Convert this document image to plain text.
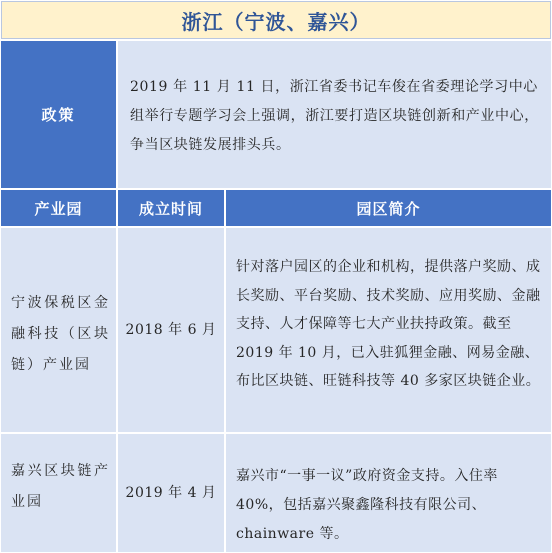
浙江（宁波、嘉兴）
政策
2019 年 11 月 11 日，浙江省委书记车俊在省委理论学习中心组举行专题学习会上强调，浙江要打造区块链创新和产业中心，争当区块链发展排头兵。
产业园	成立时间	园区简介
宁波保税区金融科技（区块链）产业园
2018 年 6 月
针对落户园区的企业和机构，提供落户奖励、成长奖励、平台奖励、技术奖励、应用奖励、金融支持、人才保障等七大产业扶持政策。截至 2019 年 10 月，已入驻狐狸金融、网易金融、布比区块链、旺链科技等 40 多家区块链企业。
嘉兴区块链产业园
2019 年 4 月
嘉兴市“一事一议”政府资金支持。入住率 40%，包括嘉兴聚鑫隆科技有限公司、chainware 等。
